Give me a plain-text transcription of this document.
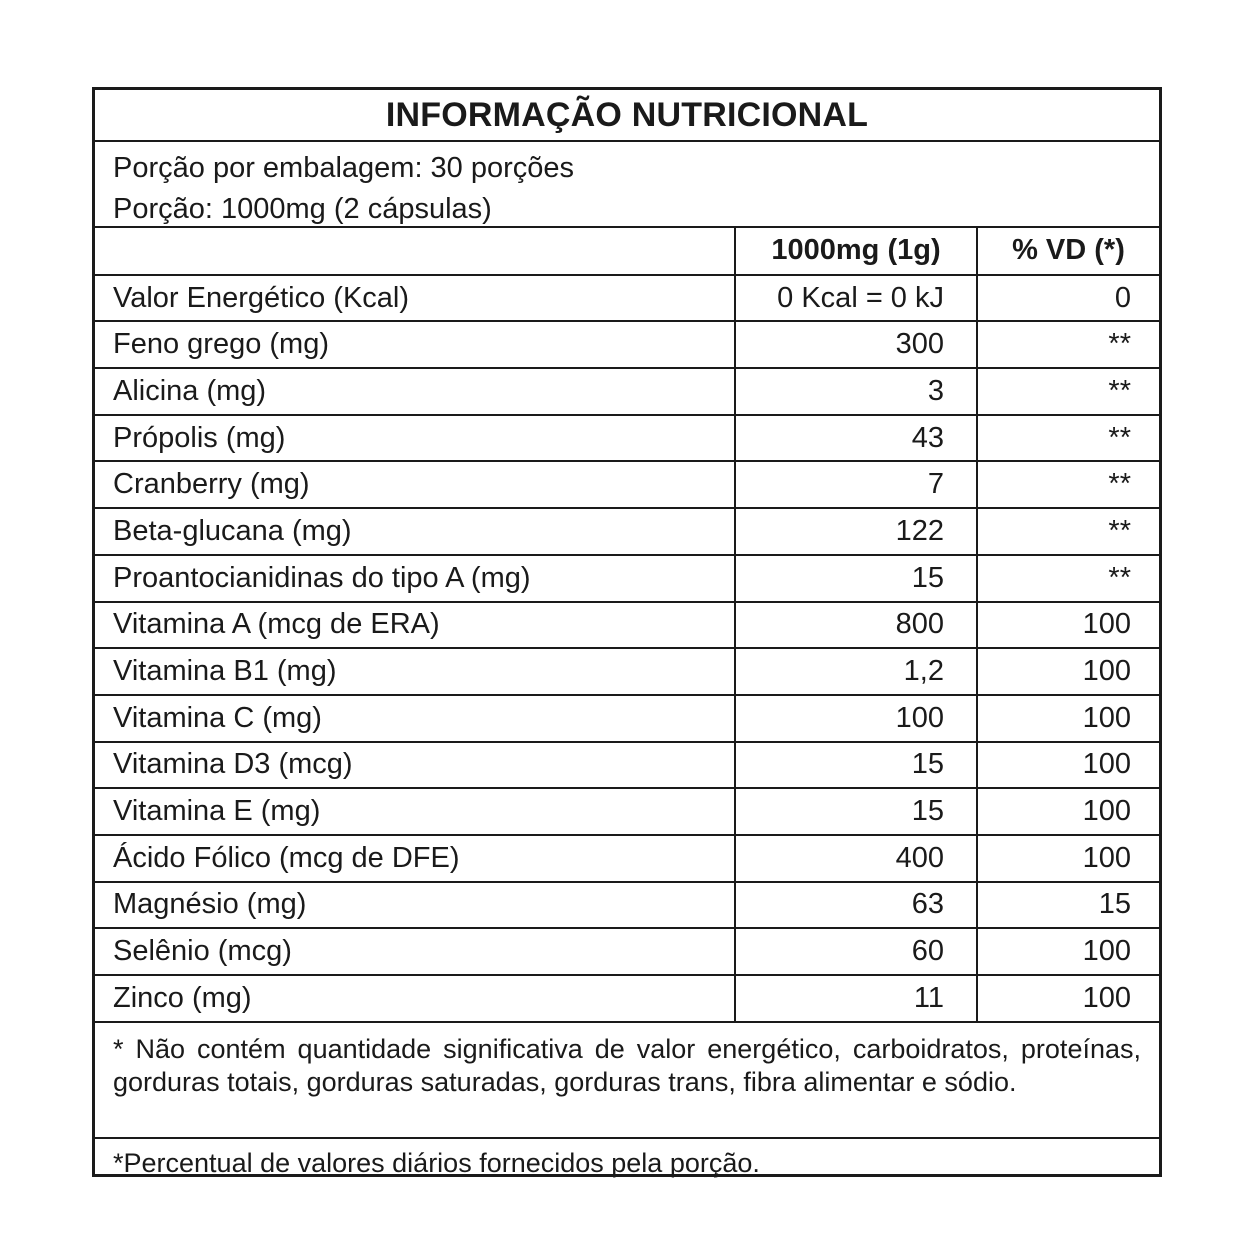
INFORMAÇÃO NUTRICIONAL
Porção por embalagem: 30 porções
Porção: 1000mg (2 cápsulas)
	1000mg (1g)	% VD (*)
Valor Energético (Kcal)	0 Kcal = 0 kJ	0
Feno grego (mg)	300	**
Alicina (mg)	3	**
Própolis (mg)	43	**
Cranberry (mg)	7	**
Beta-glucana (mg)	122	**
Proantocianidinas do tipo A (mg)	15	**
Vitamina A (mcg de ERA)	800	100
Vitamina B1 (mg)	1,2	100
Vitamina C (mg)	100	100
Vitamina D3 (mcg)	15	100
Vitamina E (mg)	15	100
Ácido Fólico (mcg de DFE)	400	100
Magnésio (mg)	63	15
Selênio (mcg)	60	100
Zinco (mg)	11	100
* Não contém quantidade significativa de valor energético, carboidratos, proteínas, gorduras totais, gorduras saturadas, gorduras trans, fibra alimentar e sódio.
*Percentual de valores diários fornecidos pela porção.
